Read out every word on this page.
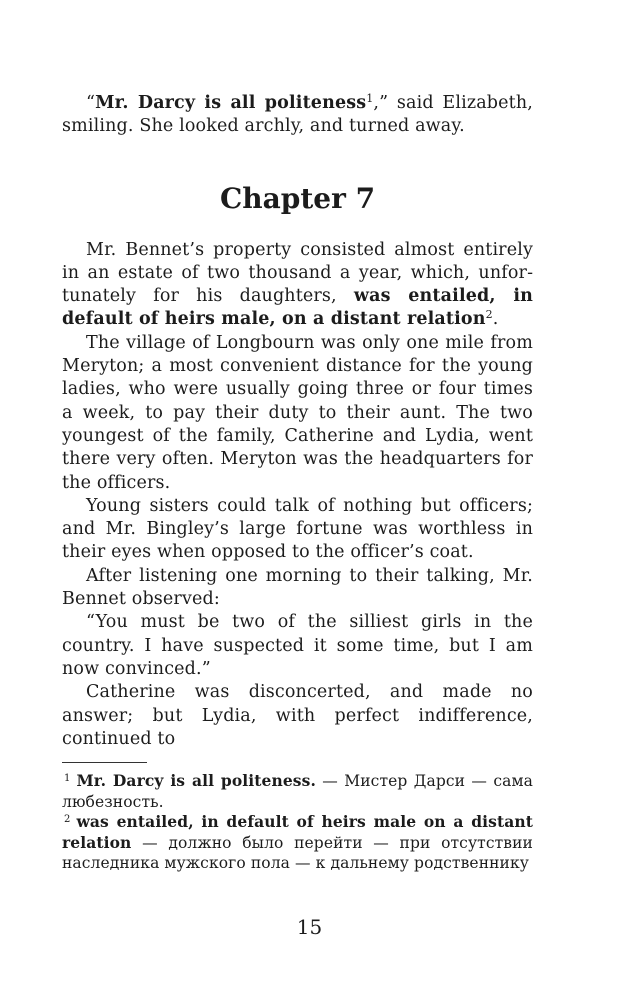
“Mr. Darcy is all politeness$^1$,” said Elizabeth, smiling. She looked archly, and turned away.

Chapter 7

Mr. Bennet’s property consisted almost entirely in an estate of two thousand a year, which, unfortunately for his daughters, was entailed, in default of heirs male, on a distant relation$^2$.

The village of Longbourn was only one mile from Meryton; a most convenient distance for the young ladies, who were usually going three or four times a week, to pay their duty to their aunt. The two youngest of the family, Catherine and Lydia, went there very often. Meryton was the headquarters for the officers.

Young sisters could talk of nothing but officers; and Mr. Bingley’s large fortune was worthless in their eyes when opposed to the officer’s coat.

After listening one morning to their talking, Mr. Bennet observed:

“You must be two of the silliest girls in the country. I have suspected it some time, but I am now convinced.”

Catherine was disconcerted, and made no answer; but Lydia, with perfect indifference, continued to

$^1$ Mr. Darcy is all politeness. — Мистер Дарси — сама любезность.

$^2$ was entailed, in default of heirs male on a distant relation — должно было перейти — при отсутствии наследника мужского пола — к дальнему родственнику

15
